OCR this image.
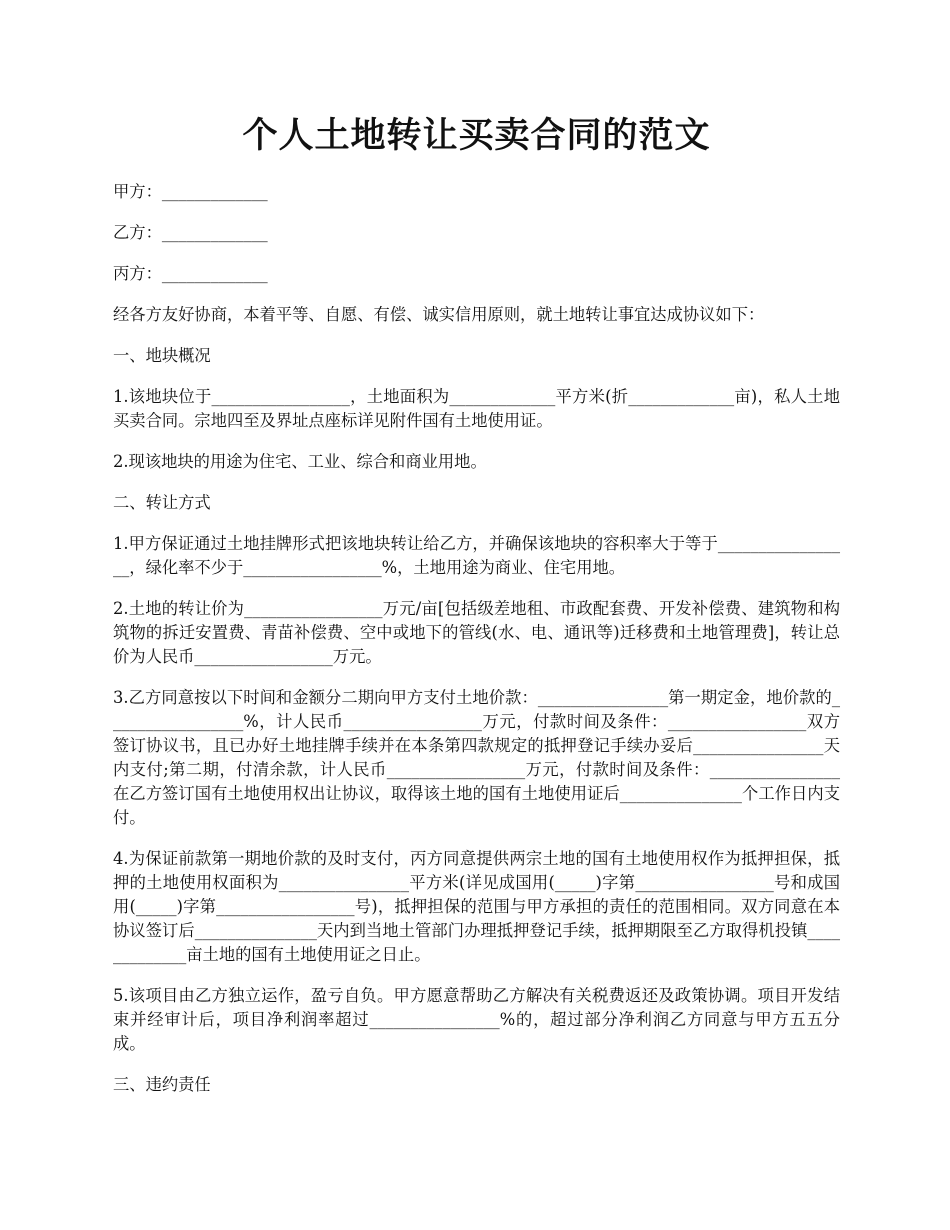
个人土地转让买卖合同的范文

甲方：_____________

乙方：_____________

丙方：_____________

经各方友好协商，本着平等、自愿、有偿、诚实信用原则，就土地转让事宜达成协议如下：

一、地块概况

1.该地块位于_________________，土地面积为_____________平方米(折_____________亩)，私人土地买卖合同。宗地四至及界址点座标详见附件国有土地使用证。

2.现该地块的用途为住宅、工业、综合和商业用地。

二、转让方式

1.甲方保证通过土地挂牌形式把该地块转让给乙方，并确保该地块的容积率大于等于_________________，绿化率不少于_________________%，土地用途为商业、住宅用地。

2.土地的转让价为_________________万元/亩[包括级差地租、市政配套费、开发补偿费、建筑物和构筑物的拆迁安置费、青苗补偿费、空中或地下的管线(水、电、通讯等)迁移费和土地管理费]，转让总价为人民币_________________万元。

3.乙方同意按以下时间和金额分二期向甲方支付土地价款：________________第一期定金，地价款的_________________%，计人民币_________________万元，付款时间及条件：_________________双方签订协议书，且已办好土地挂牌手续并在本条第四款规定的抵押登记手续办妥后________________天内支付;第二期，付清余款，计人民币_________________万元，付款时间及条件：________________在乙方签订国有土地使用权出让协议，取得该土地的国有土地使用证后_______________个工作日内支付。

4.为保证前款第一期地价款的及时支付，丙方同意提供两宗土地的国有土地使用权作为抵押担保，抵押的土地使用权面积为________________平方米(详见成国用(_____)字第_________________号和成国用(_____)字第_________________号)，抵押担保的范围与甲方承担的责任的范围相同。双方同意在本协议签订后_______________天内到当地土管部门办理抵押登记手续，抵押期限至乙方取得机投镇_____________亩土地的国有土地使用证之日止。

5.该项目由乙方独立运作，盈亏自负。甲方愿意帮助乙方解决有关税费返还及政策协调。项目开发结束并经审计后，项目净利润率超过________________%的，超过部分净利润乙方同意与甲方五五分成。

三、违约责任
